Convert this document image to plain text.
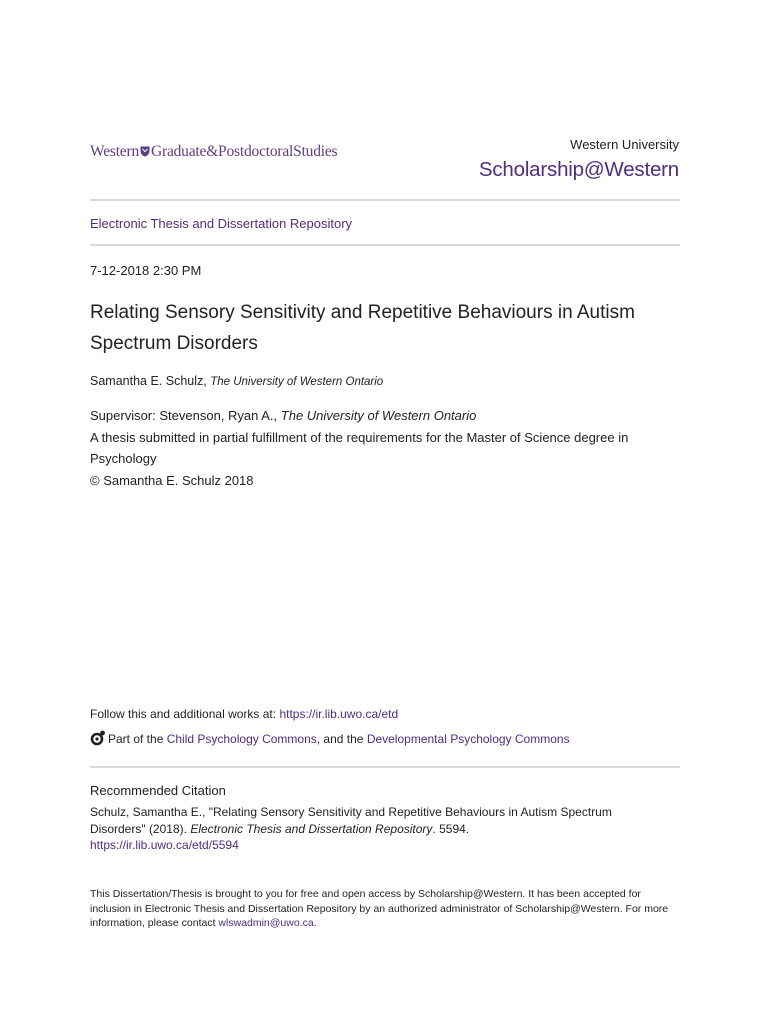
Western Graduate&PostdoctoralStudies	Western University
Scholarship@Western
Electronic Thesis and Dissertation Repository
7-12-2018 2:30 PM
Relating Sensory Sensitivity and Repetitive Behaviours in Autism Spectrum Disorders
Samantha E. Schulz, The University of Western Ontario
Supervisor: Stevenson, Ryan A., The University of Western Ontario
A thesis submitted in partial fulfillment of the requirements for the Master of Science degree in Psychology
© Samantha E. Schulz 2018
Follow this and additional works at: https://ir.lib.uwo.ca/etd
Part of the Child Psychology Commons, and the Developmental Psychology Commons
Recommended Citation
Schulz, Samantha E., "Relating Sensory Sensitivity and Repetitive Behaviours in Autism Spectrum Disorders" (2018). Electronic Thesis and Dissertation Repository. 5594.
https://ir.lib.uwo.ca/etd/5594
This Dissertation/Thesis is brought to you for free and open access by Scholarship@Western. It has been accepted for inclusion in Electronic Thesis and Dissertation Repository by an authorized administrator of Scholarship@Western. For more information, please contact wlswadmin@uwo.ca.
